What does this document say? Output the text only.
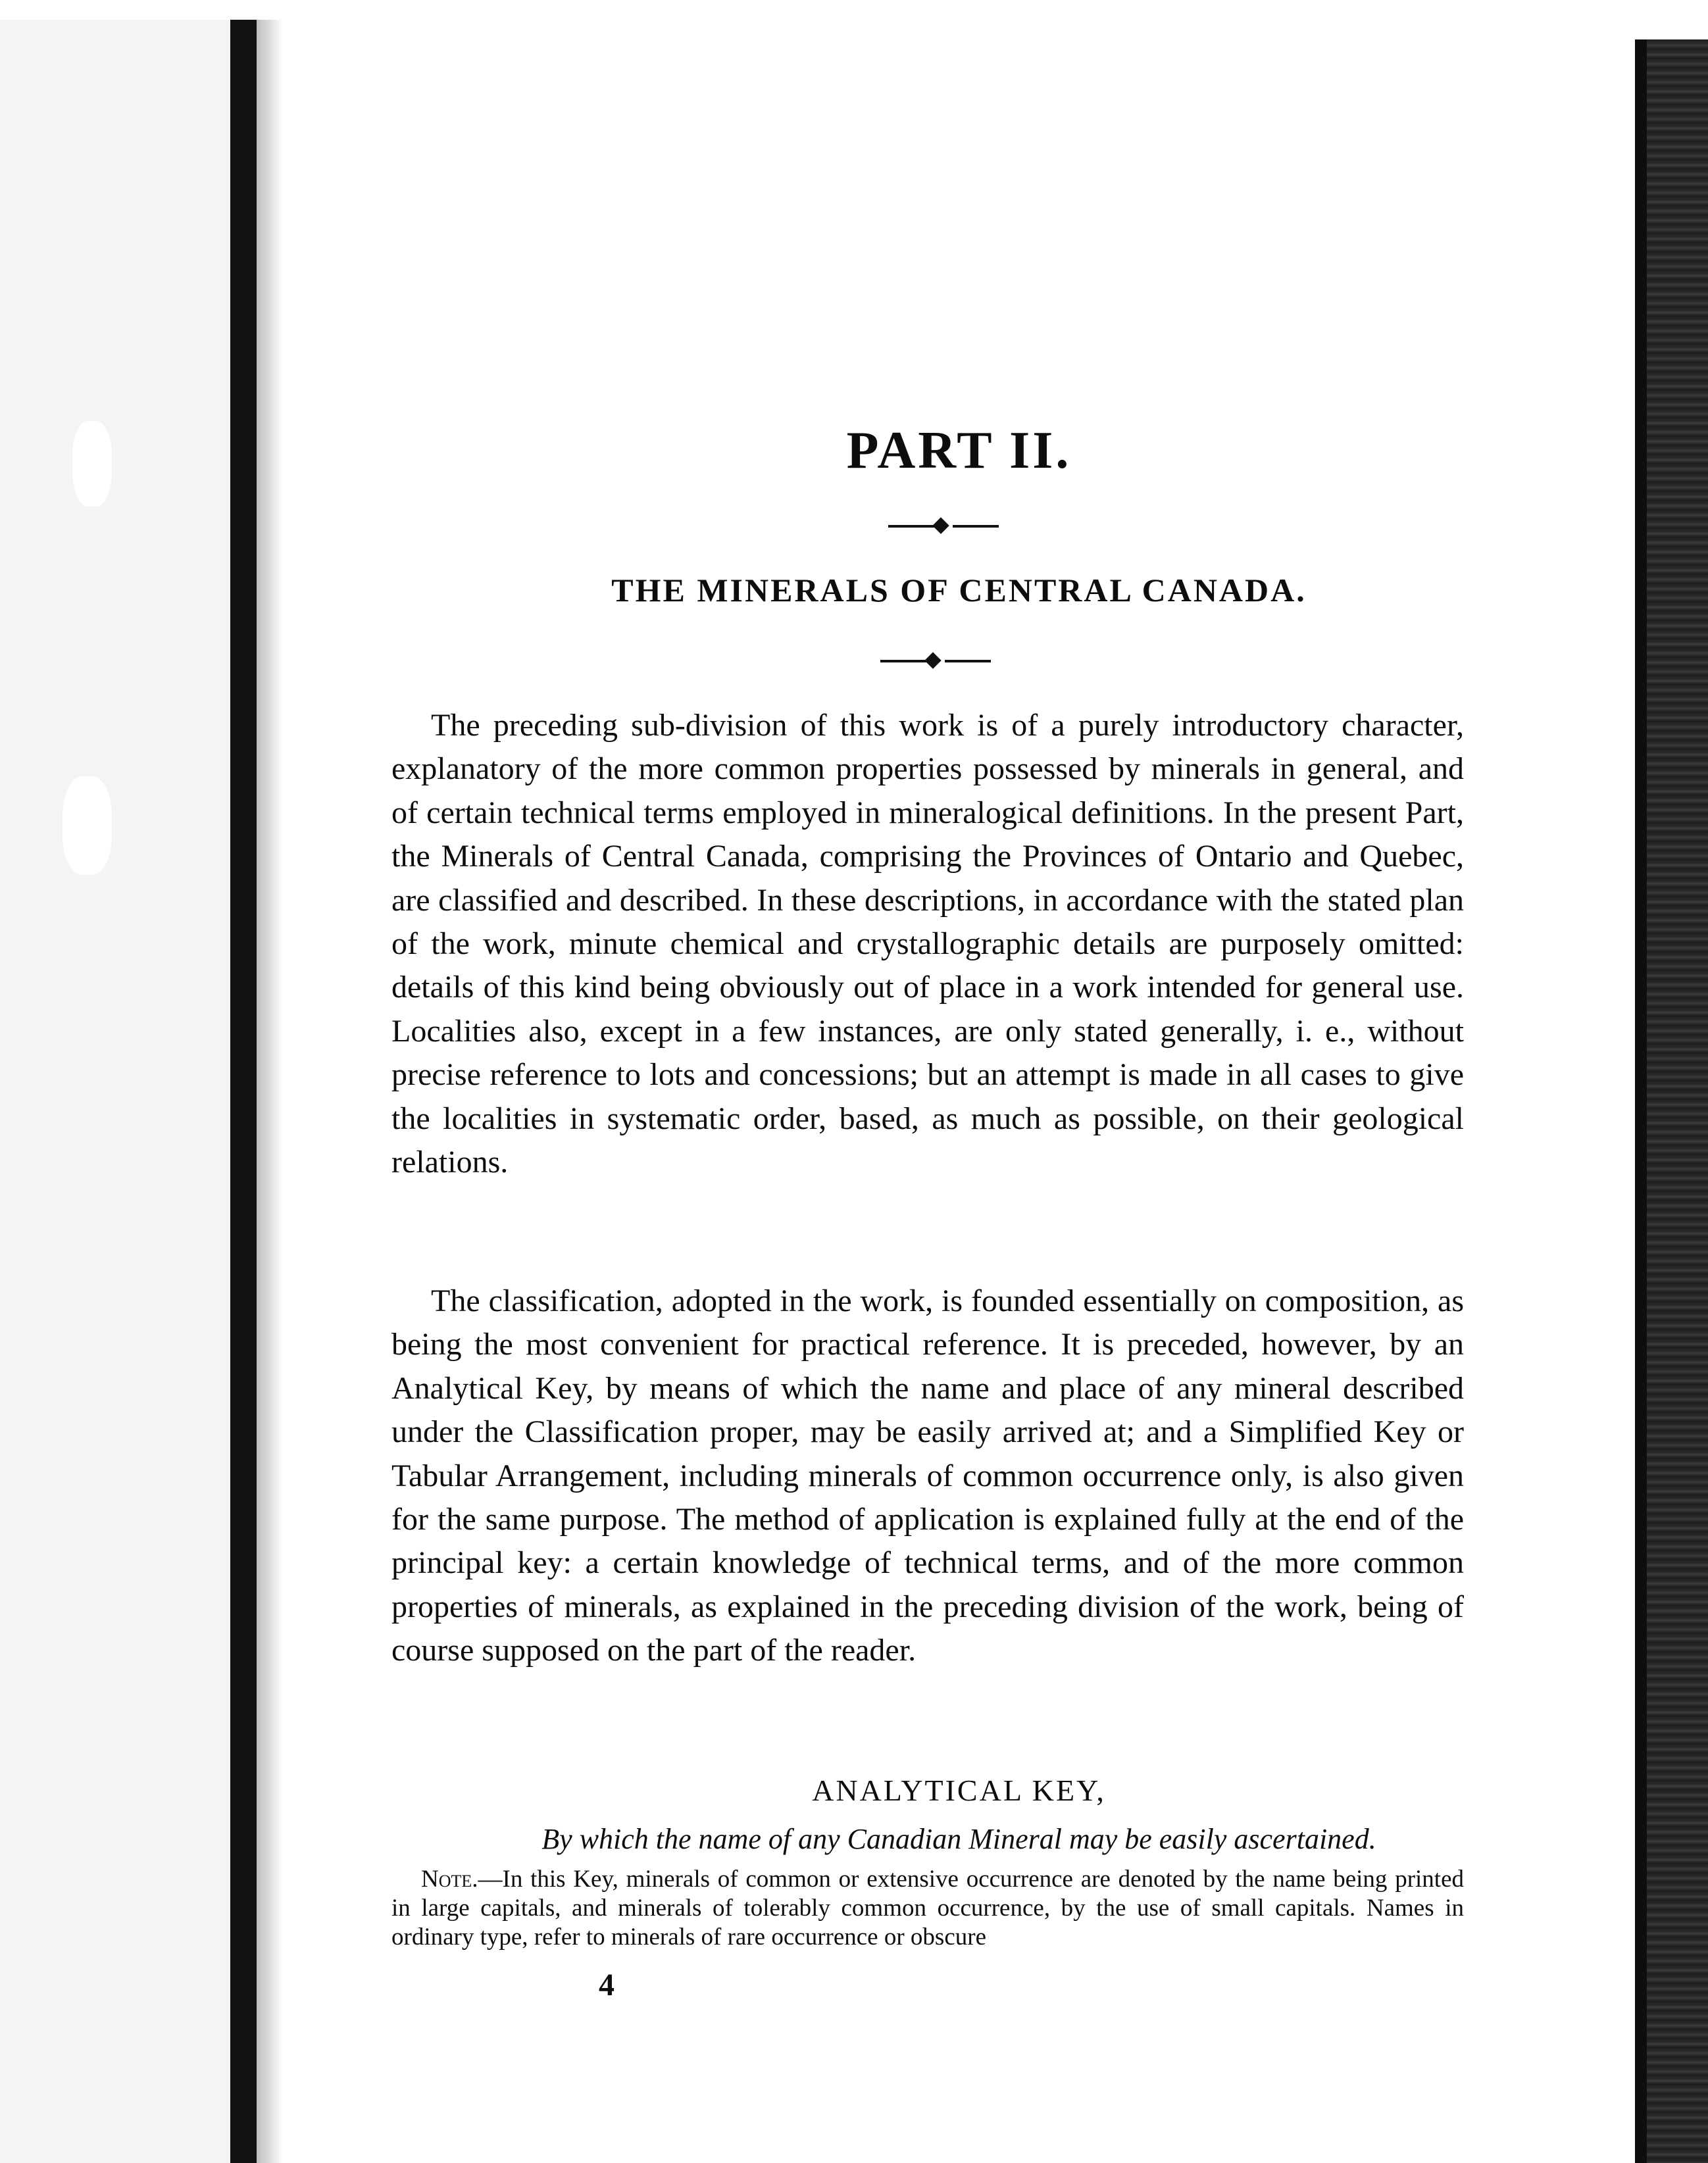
PART II.
THE MINERALS OF CENTRAL CANADA.

The preceding sub-division of this work is of a purely introductory character, explanatory of the more common properties possessed by minerals in general, and of certain technical terms employed in mineralogical definitions. In the present Part, the Minerals of Central Canada, comprising the Provinces of Ontario and Quebec, are classified and described. In these descriptions, in accordance with the stated plan of the work, minute chemical and crystallographic details are purposely omitted: details of this kind being obviously out of place in a work intended for general use. Localities also, except in a few instances, are only stated generally, i. e., without precise reference to lots and concessions; but an attempt is made in all cases to give the localities in systematic order, based, as much as possible, on their geological relations.

The classification, adopted in the work, is founded essentially on composition, as being the most convenient for practical reference. It is preceded, however, by an Analytical Key, by means of which the name and place of any mineral described under the Classification proper, may be easily arrived at; and a Simplified Key or Tabular Arrangement, including minerals of common occurrence only, is also given for the same purpose. The method of application is explained fully at the end of the principal key: a certain knowledge of technical terms, and of the more common properties of minerals, as explained in the preceding division of the work, being of course supposed on the part of the reader.

ANALYTICAL KEY,
By which the name of any Canadian Mineral may be easily ascertained.

Note.—In this Key, minerals of common or extensive occurrence are denoted by the name being printed in large capitals, and minerals of tolerably common occurrence, by the use of small capitals. Names in ordinary type, refer to minerals of rare occurrence or obscure

4
